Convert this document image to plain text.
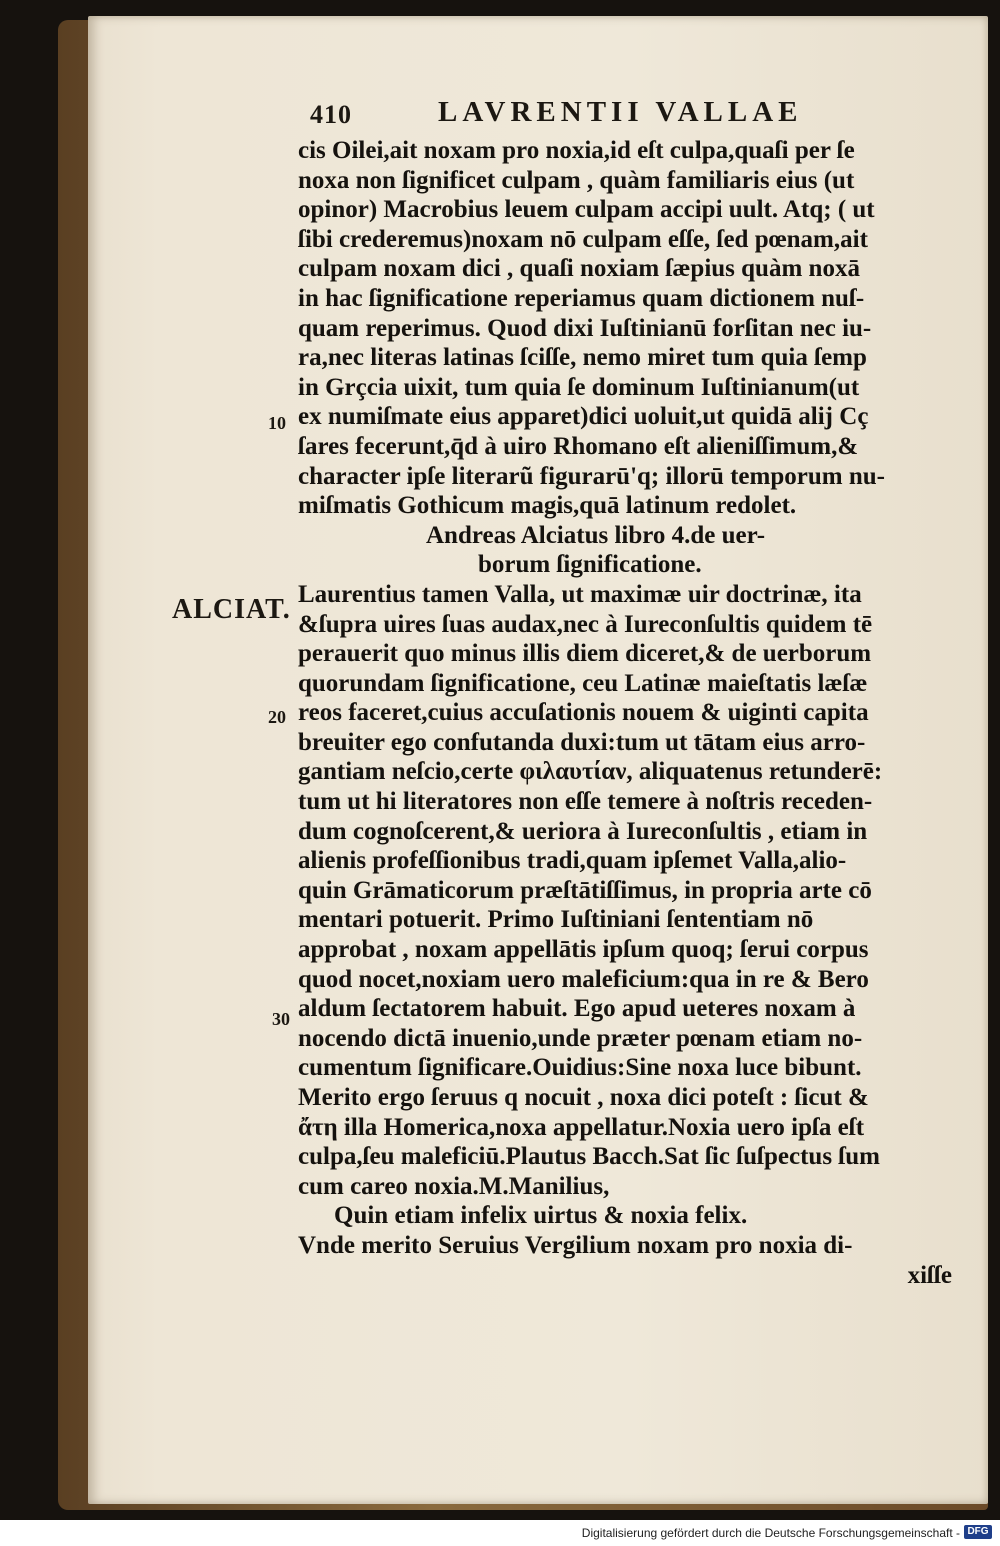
410	LAVRENTII VALLAE
10
20
30
ALCIAT.
cis Oilei,ait noxam pro noxia,id eſt culpa,quaſi per ſe
noxa non ſignificet culpam , quàm familiaris eius (ut
opinor) Macrobius leuem culpam accipi uult. Atq; ( ut
ſibi crederemus)noxam nō culpam eſſe, ſed pœnam,ait
culpam noxam dici , quaſi noxiam ſæpius quàm noxā
in hac ſignificatione reperiamus quam dictionem nuſ-
quam reperimus. Quod dixi Iuſtinianū forſitan nec iu-
ra,nec literas latinas ſciſſe, nemo miret tum quia ſemp
in Grçcia uixit, tum quia ſe dominum Iuſtinianum(ut
ex numiſmate eius apparet)dici uoluit,ut quidā alij Cç
ſares fecerunt,q̄d à uiro Rhomano eſt alieniſſimum,&
character ipſe literarũ figurarū'q; illorū temporum nu-
miſmatis Gothicum magis,quā latinum redolet.
Andreas Alciatus libro 4.de uer-
borum ſignificatione.
Laurentius tamen Valla, ut maximæ uir doctrinæ, ita
&ſupra uires ſuas audax,nec à Iureconſultis quidem tē
perauerit quo minus illis diem diceret,& de uerborum
quorundam ſignificatione, ceu Latinæ maieſtatis læſæ
reos faceret,cuius accuſationis nouem & uiginti capita
breuiter ego confutanda duxi:tum ut tātam eius arro-
gantiam neſcio,certe φιλαυτίαν, aliquatenus retunderē:
tum ut hi literatores non eſſe temere à noſtris receden-
dum cognoſcerent,& ueriora à Iureconſultis , etiam in
alienis profeſſionibus tradi,quam ipſemet Valla,alio-
quin Grāmaticorum præſtātiſſimus, in propria arte cō
mentari potuerit. Primo Iuſtiniani ſententiam nō
approbat , noxam appellātis ipſum quoq; ſerui corpus
quod nocet,noxiam uero maleficium:qua in re & Bero
aldum ſectatorem habuit. Ego apud ueteres noxam à
nocendo dictā inuenio,unde præter pœnam etiam no-
cumentum ſignificare.Ouidius:Sine noxa luce bibunt.
Merito ergo ſeruus q nocuit , noxa dici poteſt : ſicut &
ἄτη illa Homerica,noxa appellatur.Noxia uero ipſa eſt
culpa,ſeu maleficiū.Plautus Bacch.Sat ſic ſuſpectus ſum
cum careo noxia.M.Manilius,
Quin etiam infelix uirtus & noxia felix.
Vnde merito Seruius Vergilium noxam pro noxia di-
xiſſe
Digitalisierung gefördert durch die Deutsche Forschungsgemeinschaft - DFG
